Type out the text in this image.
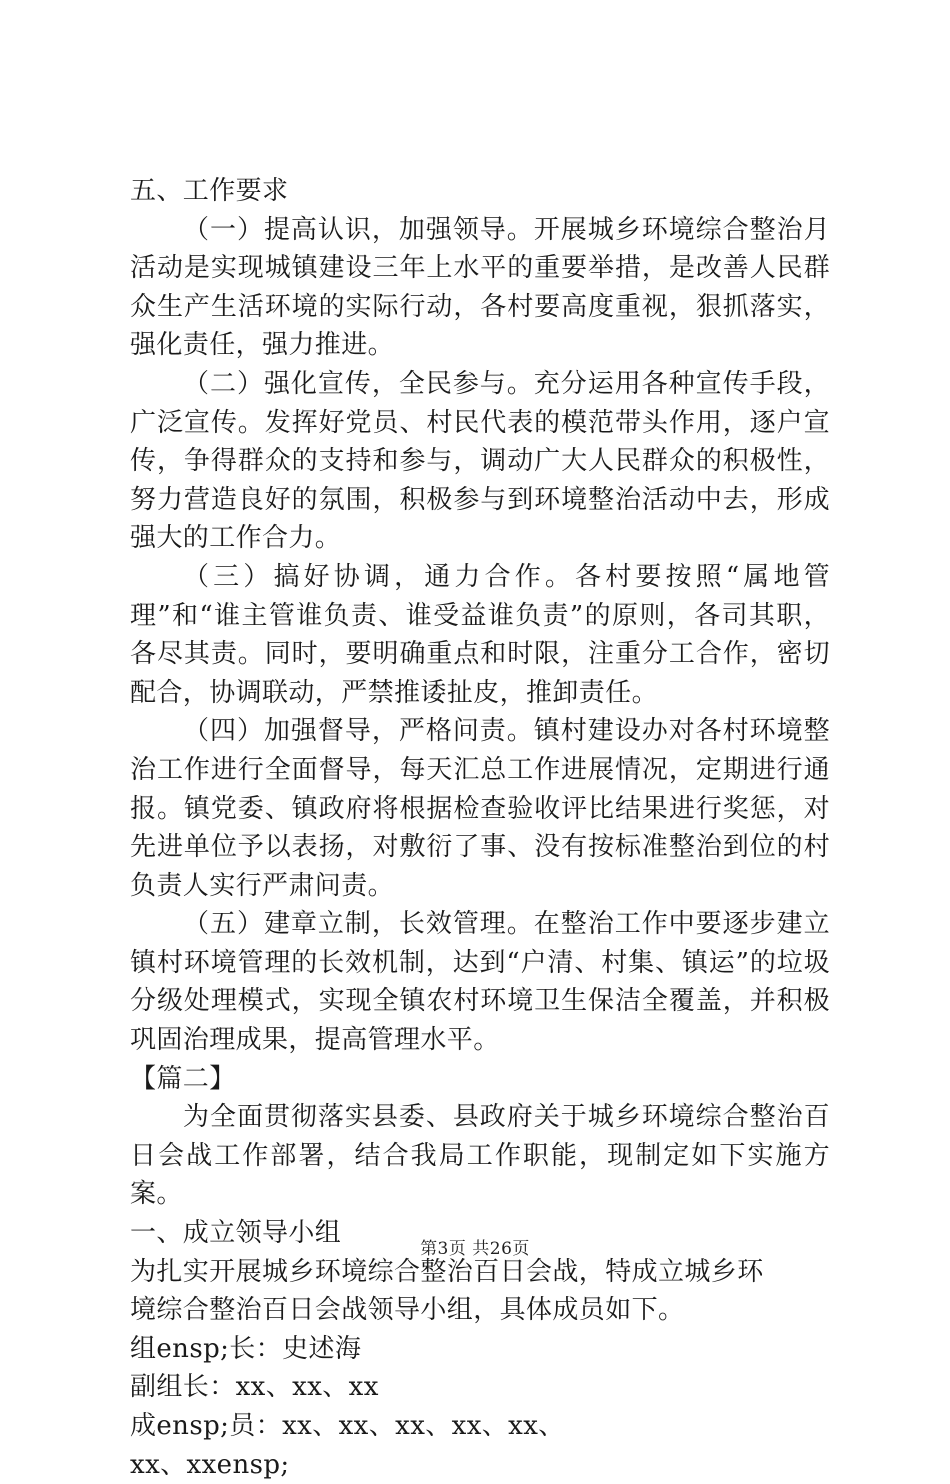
五、工作要求

（一）提高认识，加强领导。开展城乡环境综合整治月活动是实现城镇建设三年上水平的重要举措，是改善人民群众生产生活环境的实际行动，各村要高度重视，狠抓落实，强化责任，强力推进。

（二）强化宣传，全民参与。充分运用各种宣传手段，广泛宣传。发挥好党员、村民代表的模范带头作用，逐户宣传，争得群众的支持和参与，调动广大人民群众的积极性，努力营造良好的氛围，积极参与到环境整治活动中去，形成强大的工作合力。

（三）搞好协调，通力合作。各村要按照“属地管理”和“谁主管谁负责、谁受益谁负责”的原则，各司其职，各尽其责。同时，要明确重点和时限，注重分工合作，密切配合，协调联动，严禁推诿扯皮，推卸责任。

（四）加强督导，严格问责。镇村建设办对各村环境整治工作进行全面督导，每天汇总工作进展情况，定期进行通报。镇党委、镇政府将根据检查验收评比结果进行奖惩，对先进单位予以表扬，对敷衍了事、没有按标准整治到位的村负责人实行严肃问责。

（五）建章立制，长效管理。在整治工作中要逐步建立镇村环境管理的长效机制，达到“户清、村集、镇运”的垃圾分级处理模式，实现全镇农村环境卫生保洁全覆盖，并积极巩固治理成果，提高管理水平。

【篇二】

为全面贯彻落实县委、县政府关于城乡环境综合整治百日会战工作部署，结合我局工作职能，现制定如下实施方案。

一、成立领导小组

为扎实开展城乡环境综合整治百日会战，特成立城乡环

境综合整治百日会战领导小组，具体成员如下。

组ensp;长：史述海

副组长：xx、xx、xx

成ensp;员：xx、xx、xx、xx、xx、

xx、xxensp;

第3页 共26页
